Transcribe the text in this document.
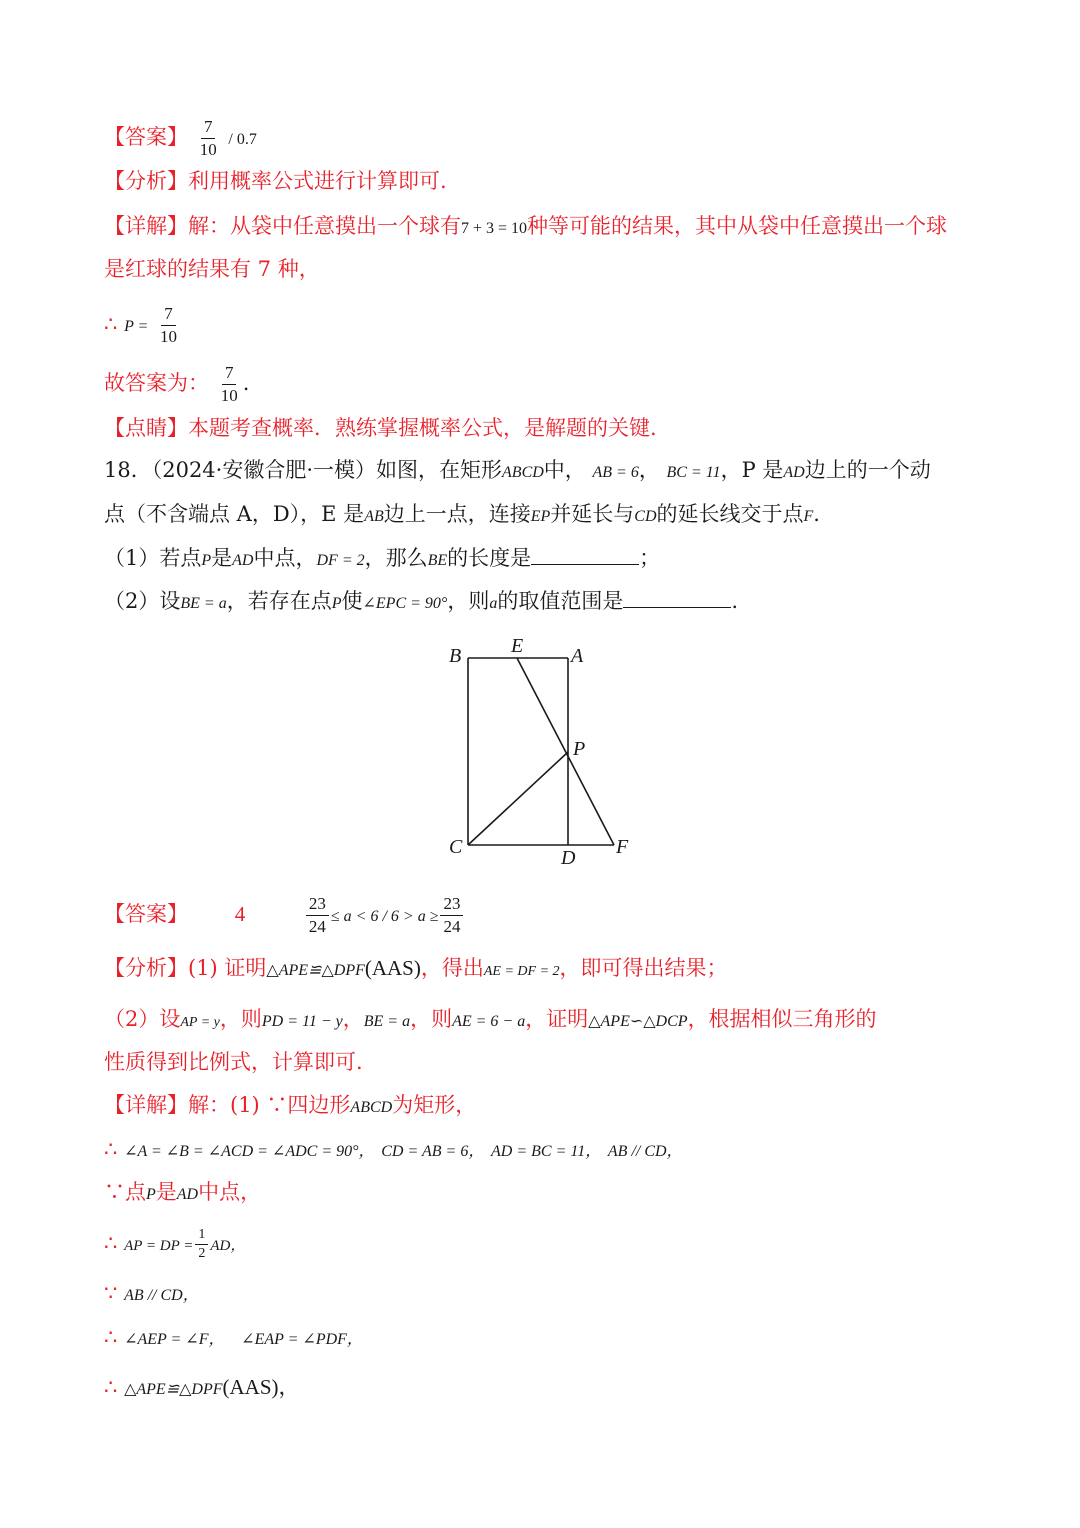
【答案】 $\frac{7}{10} / 0.7$
【分析】利用概率公式进行计算即可.
【详解】解：从袋中任意摸出一个球有7 + 3 = 10种等可能的结果，其中从袋中任意摸出一个球
是红球的结果有 7 种，
∴ $P = \frac{7}{10}$
故答案为： $\frac{7}{10}$ .
【点睛】本题考查概率．熟练掌握概率公式，是解题的关键.
18．（2024·安徽合肥·一模）如图，在矩形ABCD中， AB = 6， BC = 11，P 是AD边上的一个动
点（不含端点 A，D），E 是AB边上一点，连接EP并延长与CD的延长线交于点F.
（1）若点P是AD中点，DF = 2，那么BE的长度是	；
（2）设BE = a，若存在点P使∠EPC = 90°，则a的取值范围是	.
B E A
P
C	D F
【答案】 4	$\frac{23}{24} \le a < 6 / 6 > a \ge \frac{23}{24}$
【分析】(1) 证明△APE≌△DPF(AAS)，得出AE = DF = 2，即可得出结果；
（2）设AP = y，则PD = 11 − y，BE = a，则AE = 6 − a，证明△APE∽△DCP，根据相似三角形的
性质得到比例式，计算即可.
【详解】解：(1) ∵四边形ABCD为矩形，
∴ ∠A = ∠B = ∠ACD = ∠ADC = 90°， CD = AB = 6， AD = BC = 11， AB // CD，
∵点P是AD中点，
∴ AP = DP = $\frac{1}{2}$ AD，
∵ AB // CD，
∴ ∠AEP = ∠F， ∠EAP = ∠PDF，
∴ △APE≌△DPF(AAS)，
